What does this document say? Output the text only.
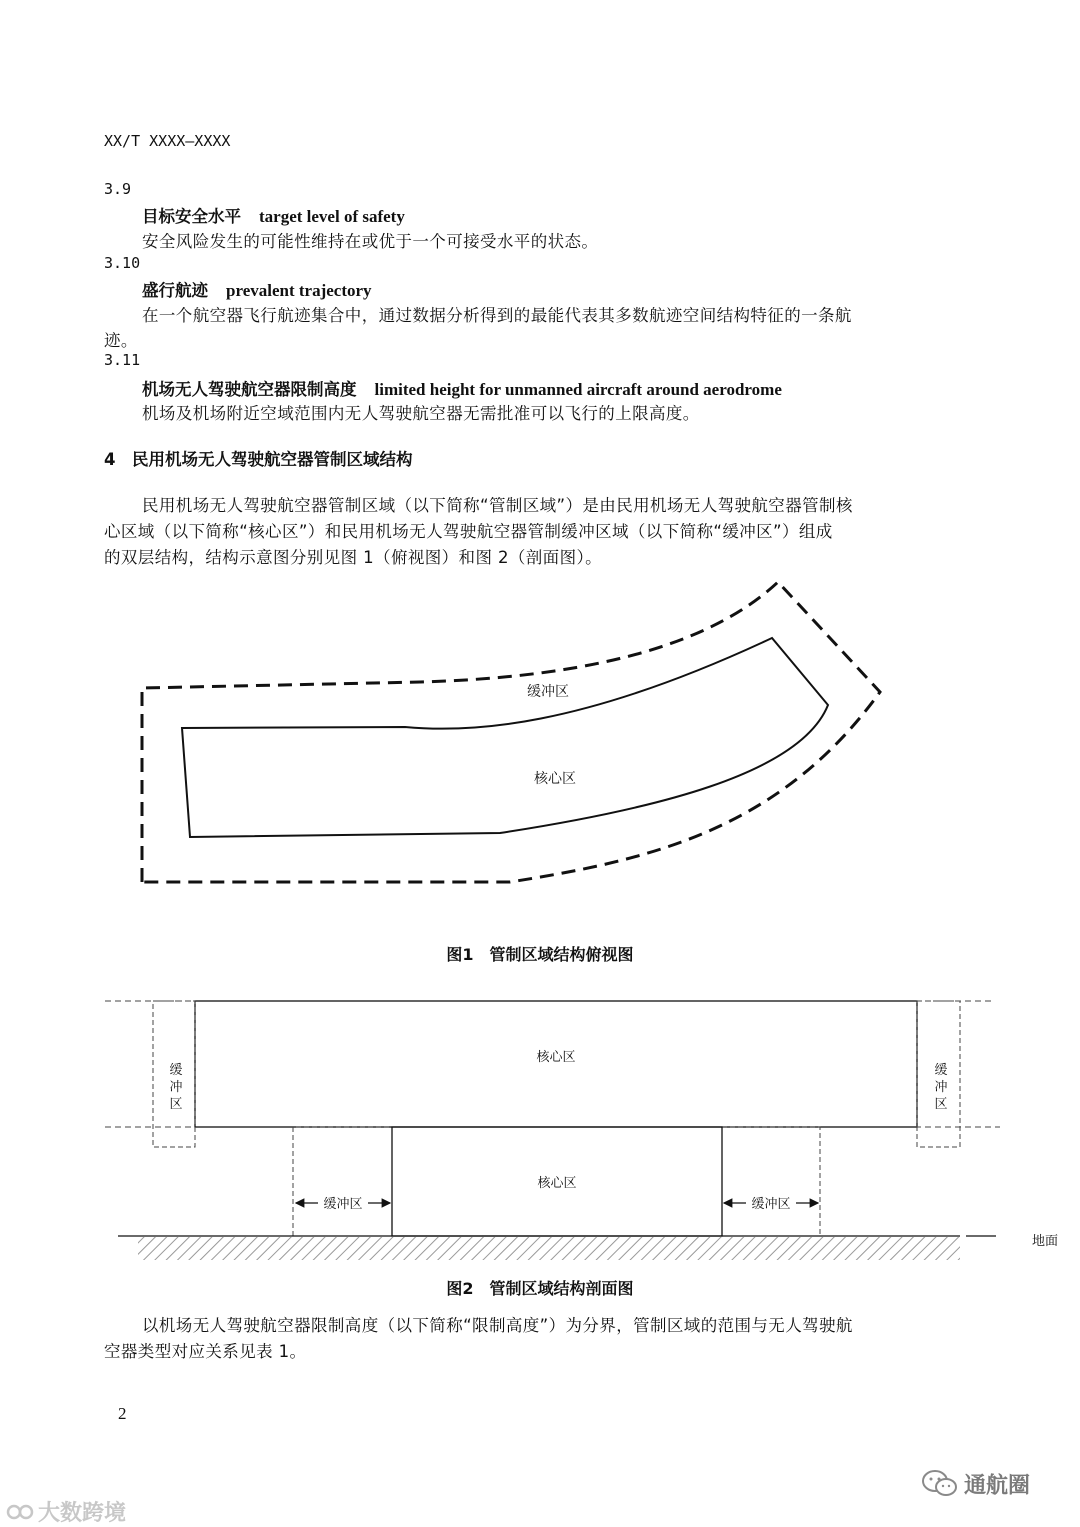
XX/T XXXX—XXXX
3.9
目标安全水平 target level of safety
安全风险发生的可能性维持在或优于一个可接受水平的状态。
3.10
盛行航迹 prevalent trajectory
在一个航空器飞行航迹集合中，通过数据分析得到的最能代表其多数航迹空间结构特征的一条航
迹。
3.11
机场无人驾驶航空器限制高度 limited height for unmanned aircraft around aerodrome
机场及机场附近空域范围内无人驾驶航空器无需批准可以飞行的上限高度。
4　民用机场无人驾驶航空器管制区域结构
民用机场无人驾驶航空器管制区域（以下简称“管制区域”）是由民用机场无人驾驶航空器管制核
心区域（以下简称“核心区”）和民用机场无人驾驶航空器管制缓冲区域（以下简称“缓冲区”）组成
的双层结构，结构示意图分别见图 1（俯视图）和图 2（剖面图）。
缓冲区
核心区
图1　管制区域结构俯视图
核心区
核心区
缓冲区	缓冲区
缓冲区	缓冲区
地面
图2　管制区域结构剖面图
以机场无人驾驶航空器限制高度（以下简称“限制高度”）为分界，管制区域的范围与无人驾驶航
空器类型对应关系见表 1。
2
大数跨境
通航圈
